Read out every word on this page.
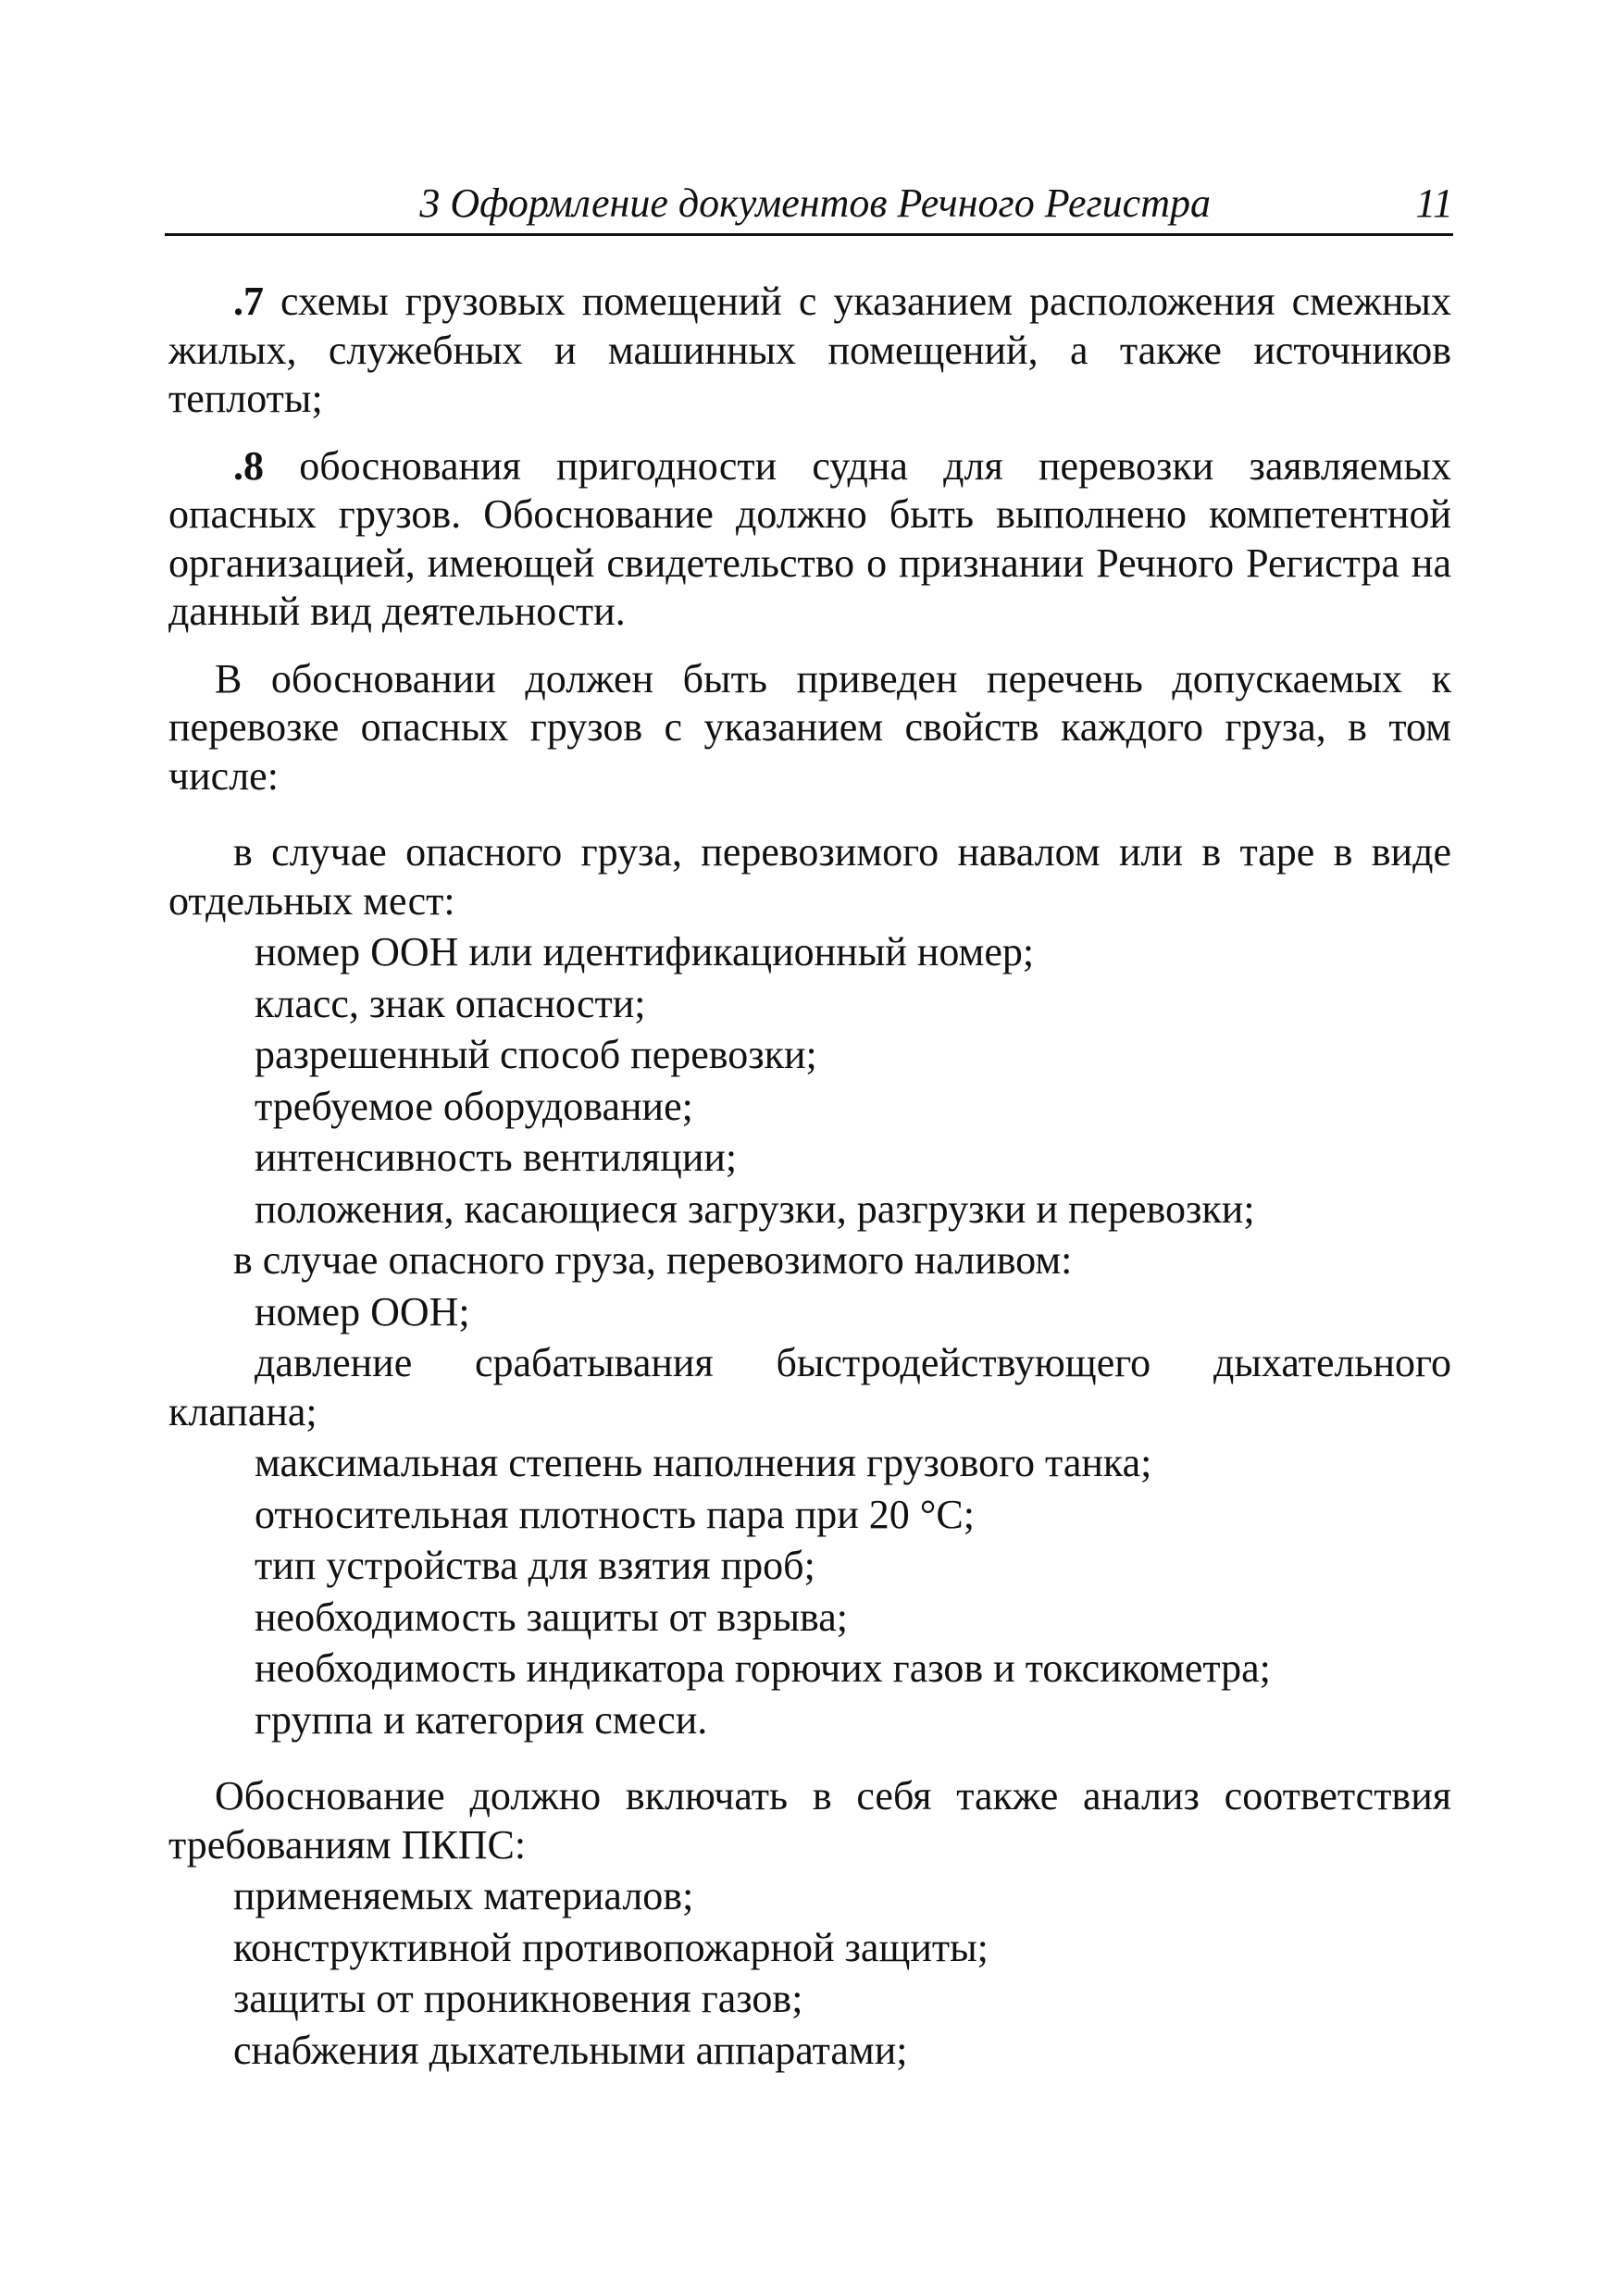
3 Оформление документов Речного Регистра	11

.7 схемы грузовых помещений с указанием расположения смежных жилых, служебных и машинных помещений, а также источников теплоты;

.8 обоснования пригодности судна для перевозки заявляемых опасных грузов. Обоснование должно быть выполнено компетентной организацией, имеющей свидетельство о признании Речного Регистра на данный вид деятельности.

В обосновании должен быть приведен перечень допускаемых к перевозке опасных грузов с указанием свойств каждого груза, в том числе:

в случае опасного груза, перевозимого навалом или в таре в виде отдельных мест:

номер ООН или идентификационный номер;

класс, знак опасности;

разрешенный способ перевозки;

требуемое оборудование;

интенсивность вентиляции;

положения, касающиеся загрузки, разгрузки и перевозки;

в случае опасного груза, перевозимого наливом:

номер ООН;

давление срабатывания быстродействующего дыхательного клапана;

максимальная степень наполнения грузового танка;

относительная плотность пара при 20 °С;

тип устройства для взятия проб;

необходимость защиты от взрыва;

необходимость индикатора горючих газов и токсикометра;

группа и категория смеси.

Обоснование должно включать в себя также анализ соответствия требованиям ПКПС:

применяемых материалов;

конструктивной противопожарной защиты;

защиты от проникновения газов;

снабжения дыхательными аппаратами;
